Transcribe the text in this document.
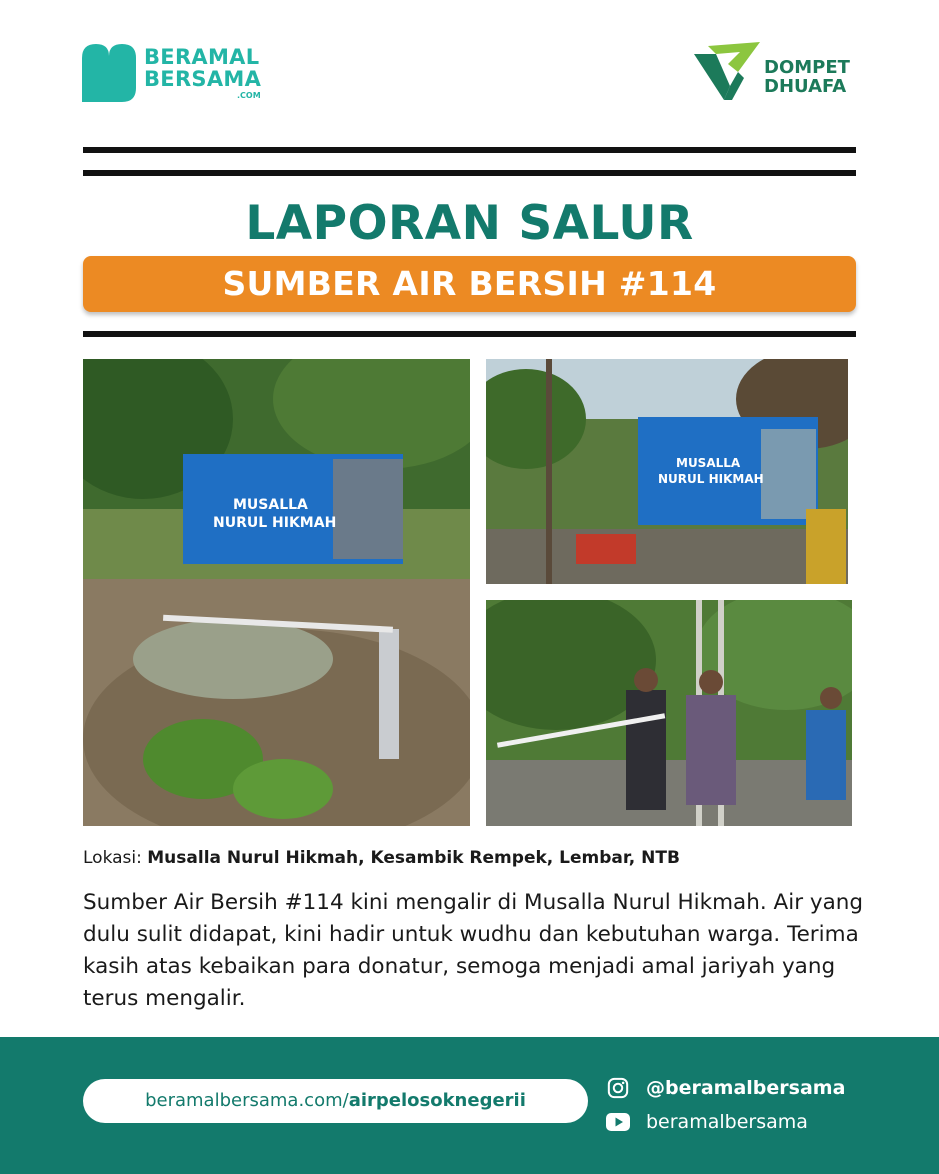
BERAMAL
BERSAMA
.COM
DOMPET
DHUAFA
LAPORAN SALUR
SUMBER AIR BERSIH #114
MUSALLA
NURUL HIKMAH
MUSALLA
NURUL HIKMAH
Lokasi: Musalla Nurul Hikmah, Kesambik Rempek, Lembar, NTB
Sumber Air Bersih #114 kini mengalir di Musalla Nurul Hikmah. Air yang dulu sulit didapat, kini hadir untuk wudhu dan kebutuhan warga. Terima kasih atas kebaikan para donatur, semoga menjadi amal jariyah yang terus mengalir.
beramalbersama.com/airpelosoknegerii
@beramalbersama
beramalbersama
